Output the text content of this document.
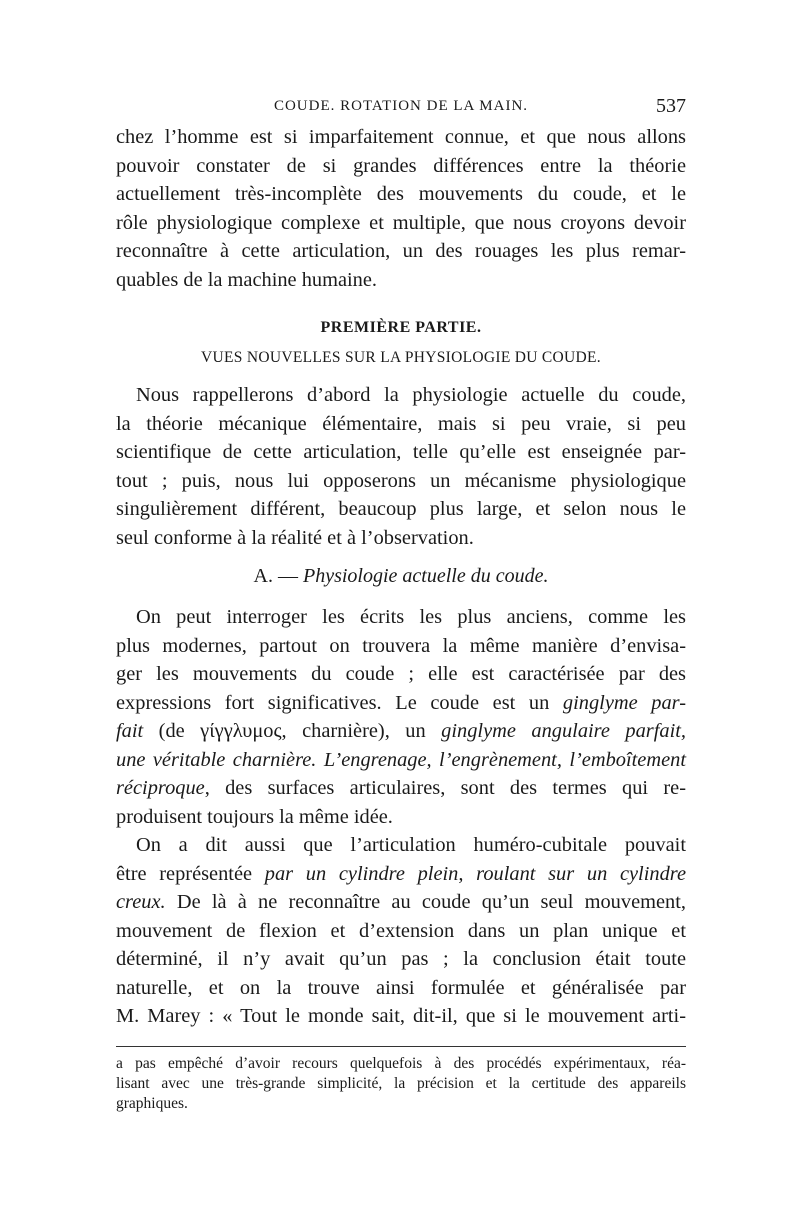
COUDE. ROTATION DE LA MAIN.	537
chez l’homme est si imparfaitement connue, et que nous allons
pouvoir constater de si grandes différences entre la théorie
actuellement très-incomplète des mouvements du coude, et le
rôle physiologique complexe et multiple, que nous croyons devoir
reconnaître à cette articulation, un des rouages les plus remar-
quables de la machine humaine.
PREMIÈRE PARTIE.
VUES NOUVELLES SUR LA PHYSIOLOGIE DU COUDE.
Nous rappellerons d’abord la physiologie actuelle du coude,
la théorie mécanique élémentaire, mais si peu vraie, si peu
scientifique de cette articulation, telle qu’elle est enseignée par-
tout ; puis, nous lui opposerons un mécanisme physiologique
singulièrement différent, beaucoup plus large, et selon nous le
seul conforme à la réalité et à l’observation.
A. — Physiologie actuelle du coude.
On peut interroger les écrits les plus anciens, comme les
plus modernes, partout on trouvera la même manière d’envisa-
ger les mouvements du coude ; elle est caractérisée par des
expressions fort significatives. Le coude est un ginglyme par-
fait (de γίγγλυμος, charnière), un ginglyme angulaire parfait,
une véritable charnière. L’engrenage, l’engrènement, l’emboîtement
réciproque, des surfaces articulaires, sont des termes qui re-
produisent toujours la même idée.
On a dit aussi que l’articulation huméro-cubitale pouvait
être représentée par un cylindre plein, roulant sur un cylindre
creux. De là à ne reconnaître au coude qu’un seul mouvement,
mouvement de flexion et d’extension dans un plan unique et
déterminé, il n’y avait qu’un pas ; la conclusion était toute
naturelle, et on la trouve ainsi formulée et généralisée par
M. Marey : « Tout le monde sait, dit-il, que si le mouvement arti-
a pas empêché d’avoir recours quelquefois à des procédés expérimentaux, réa-
lisant avec une très-grande simplicité, la précision et la certitude des appareils
graphiques.
